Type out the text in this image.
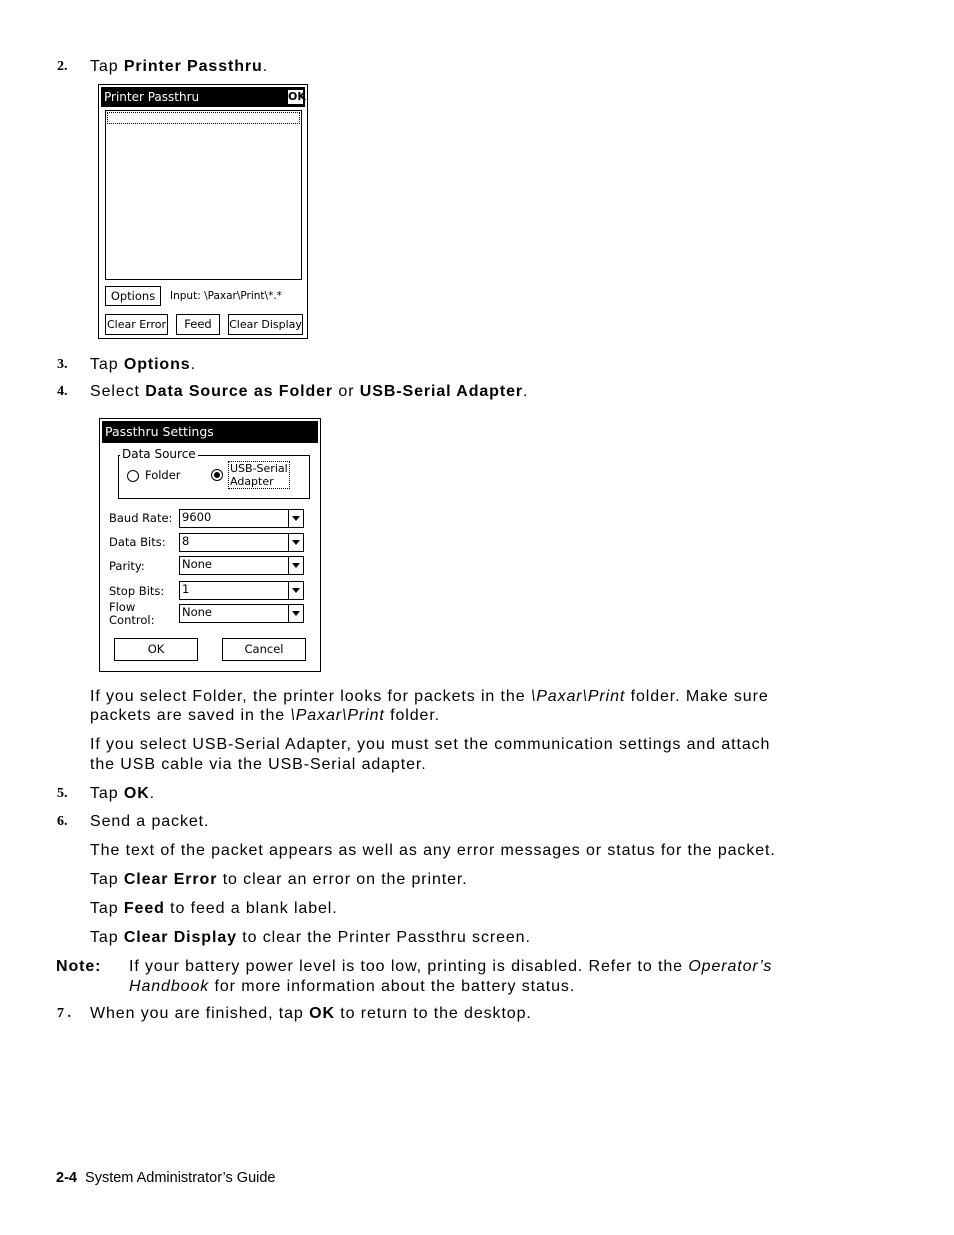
2. Tap Printer Passthru.
Printer Passthru	OK
Options	Input: \Paxar\Print\*.*
Clear Error	Feed	Clear Display
3. Tap Options.
4. Select Data Source as Folder or USB-Serial Adapter.
Passthru Settings
Data Source
Folder	USB-Serial
Adapter
Baud Rate: 9600
Data Bits: 8
Parity:	None
Stop Bits: 1
Flow
Control:
None
OK	Cancel
If you select Folder, the printer looks for packets in the \Paxar\Print folder. Make sure
packets are saved in the \Paxar\Print folder.
If you select USB-Serial Adapter, you must set the communication settings and attach
the USB cable via the USB-Serial adapter.
5. Tap OK.
6. Send a packet.
The text of the packet appears as well as any error messages or status for the packet.
Tap Clear Error to clear an error on the printer.
Tap Feed to feed a blank label.
Tap Clear Display to clear the Printer Passthru screen.
Note: If your battery power level is too low, printing is disabled. Refer to the Operator’s
Handbook for more information about the battery status.
7 . When you are finished, tap OK to return to the desktop.
2-4 System Administrator’s Guide
